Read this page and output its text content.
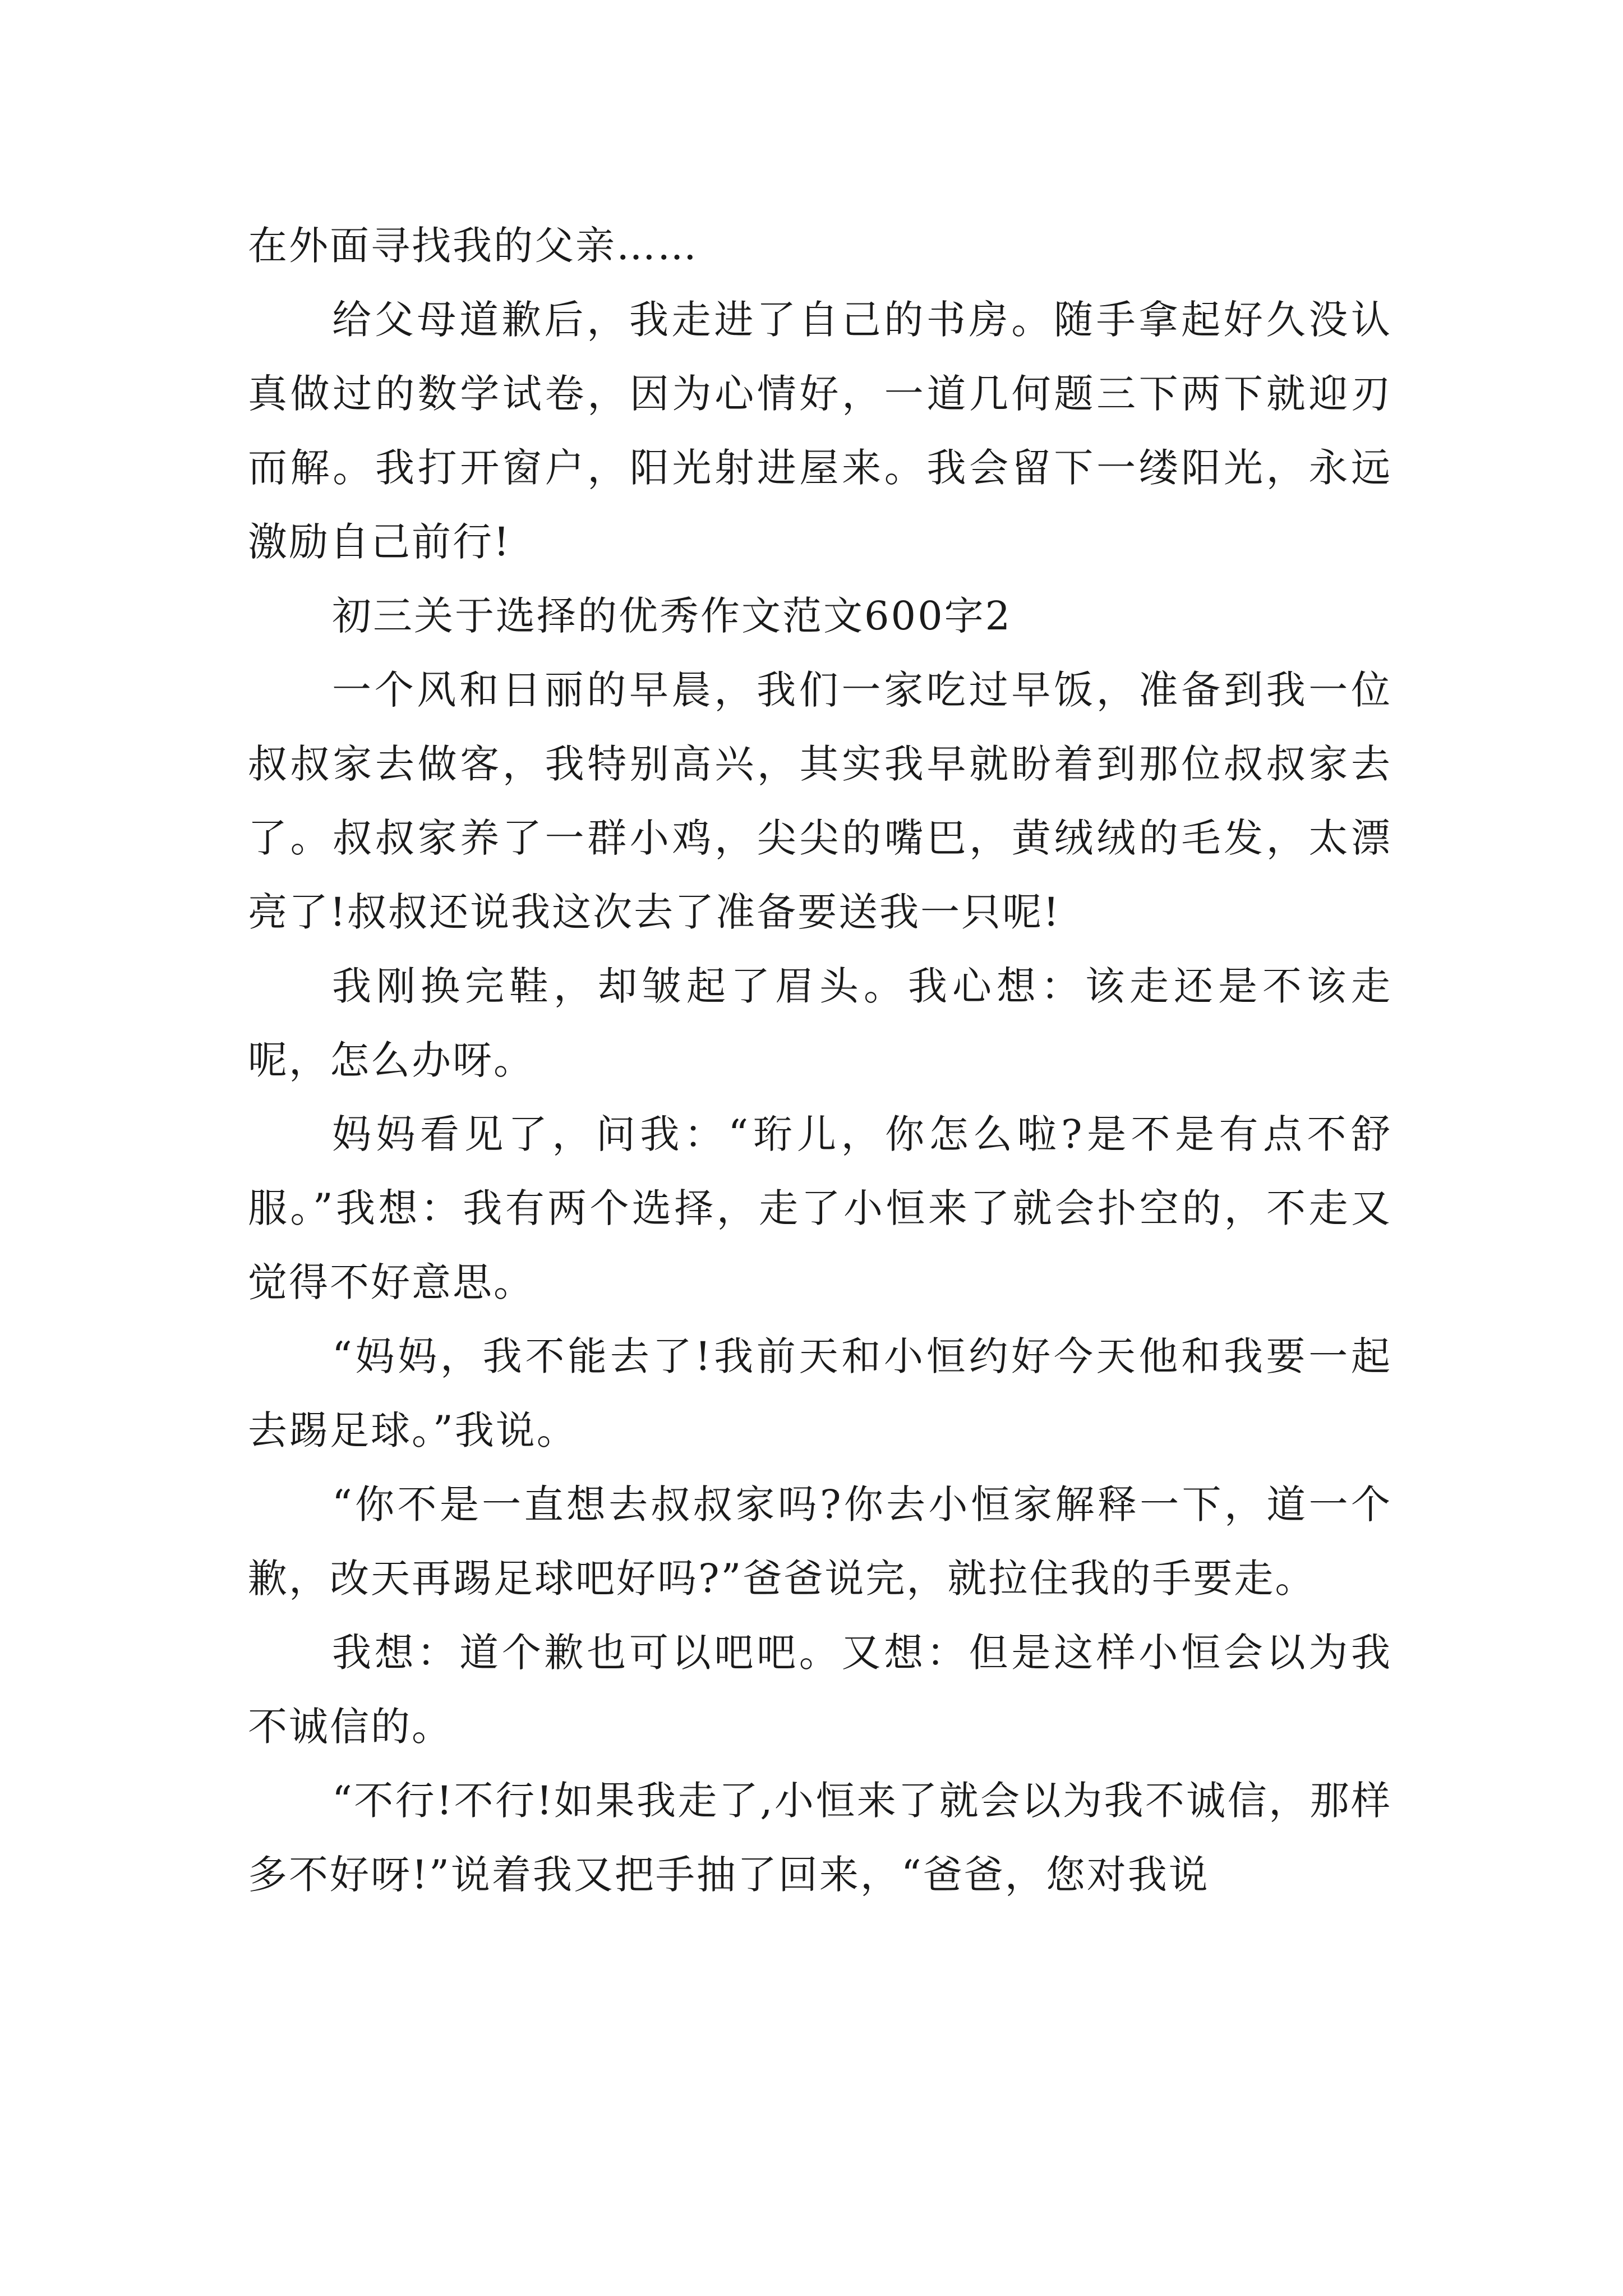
在外面寻找我的父亲……

给父母道歉后，我走进了自己的书房。随手拿起好久没认真做过的数学试卷，因为心情好，一道几何题三下两下就迎刃而解。我打开窗户，阳光射进屋来。我会留下一缕阳光，永远激励自己前行!

初三关于选择的优秀作文范文600字2

一个风和日丽的早晨，我们一家吃过早饭，准备到我一位叔叔家去做客，我特别高兴，其实我早就盼着到那位叔叔家去了。叔叔家养了一群小鸡，尖尖的嘴巴，黄绒绒的毛发，太漂亮了!叔叔还说我这次去了准备要送我一只呢!

我刚换完鞋，却皱起了眉头。我心想：该走还是不该走呢，怎么办呀。

妈妈看见了，问我：“珩儿，你怎么啦?是不是有点不舒服。”我想：我有两个选择，走了小恒来了就会扑空的，不走又觉得不好意思。

“妈妈，我不能去了!我前天和小恒约好今天他和我要一起去踢足球。”我说。

“你不是一直想去叔叔家吗?你去小恒家解释一下，道一个歉，改天再踢足球吧好吗?”爸爸说完，就拉住我的手要走。

我想：道个歉也可以吧吧。又想：但是这样小恒会以为我不诚信的。

“不行!不行!如果我走了,小恒来了就会以为我不诚信，那样多不好呀!”说着我又把手抽了回来，“爸爸，您对我说
